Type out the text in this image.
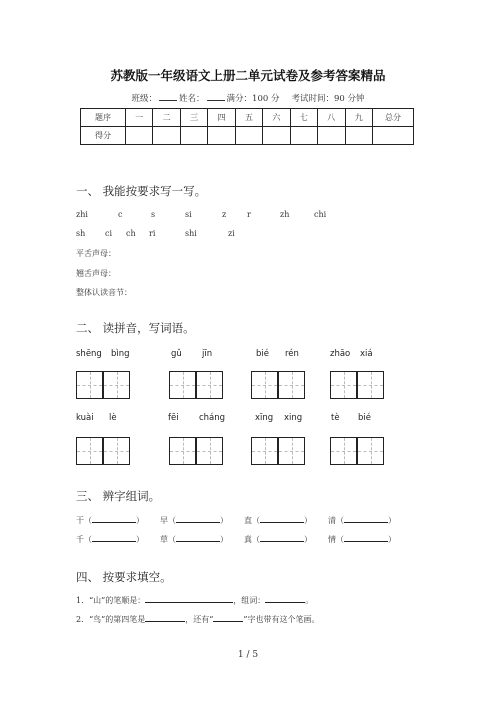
苏教版一年级语文上册二单元试卷及参考答案精品
班级：	姓名：	满分：100 分 考试时间：90 分钟
题序	一	二	三	四	五	六	七	八	九	总分
得分										
一、 我能按要求写一写。
zhi	c	s	si	z	r	zh	chi
sh ci ch ri	shi	zi
平舌声母：
翘舌声母：
整体认读音节：
二、 读拼音，写词语。
shēng bìng	gǔ jīn	bié rén	zhāo xiá
kuài lè	fēi cháng	xīng xing	tè bié
三、 辨字组词。
干（	） 早（	） 直（	） 清（	）
千（	） 草（	） 真（	） 情（	）
四、 按要求填空。
1．“山”的笔顺是：	，组词：	。
2．“鸟”的第四笔是	，还有“	”字也带有这个笔画。
1 / 5
